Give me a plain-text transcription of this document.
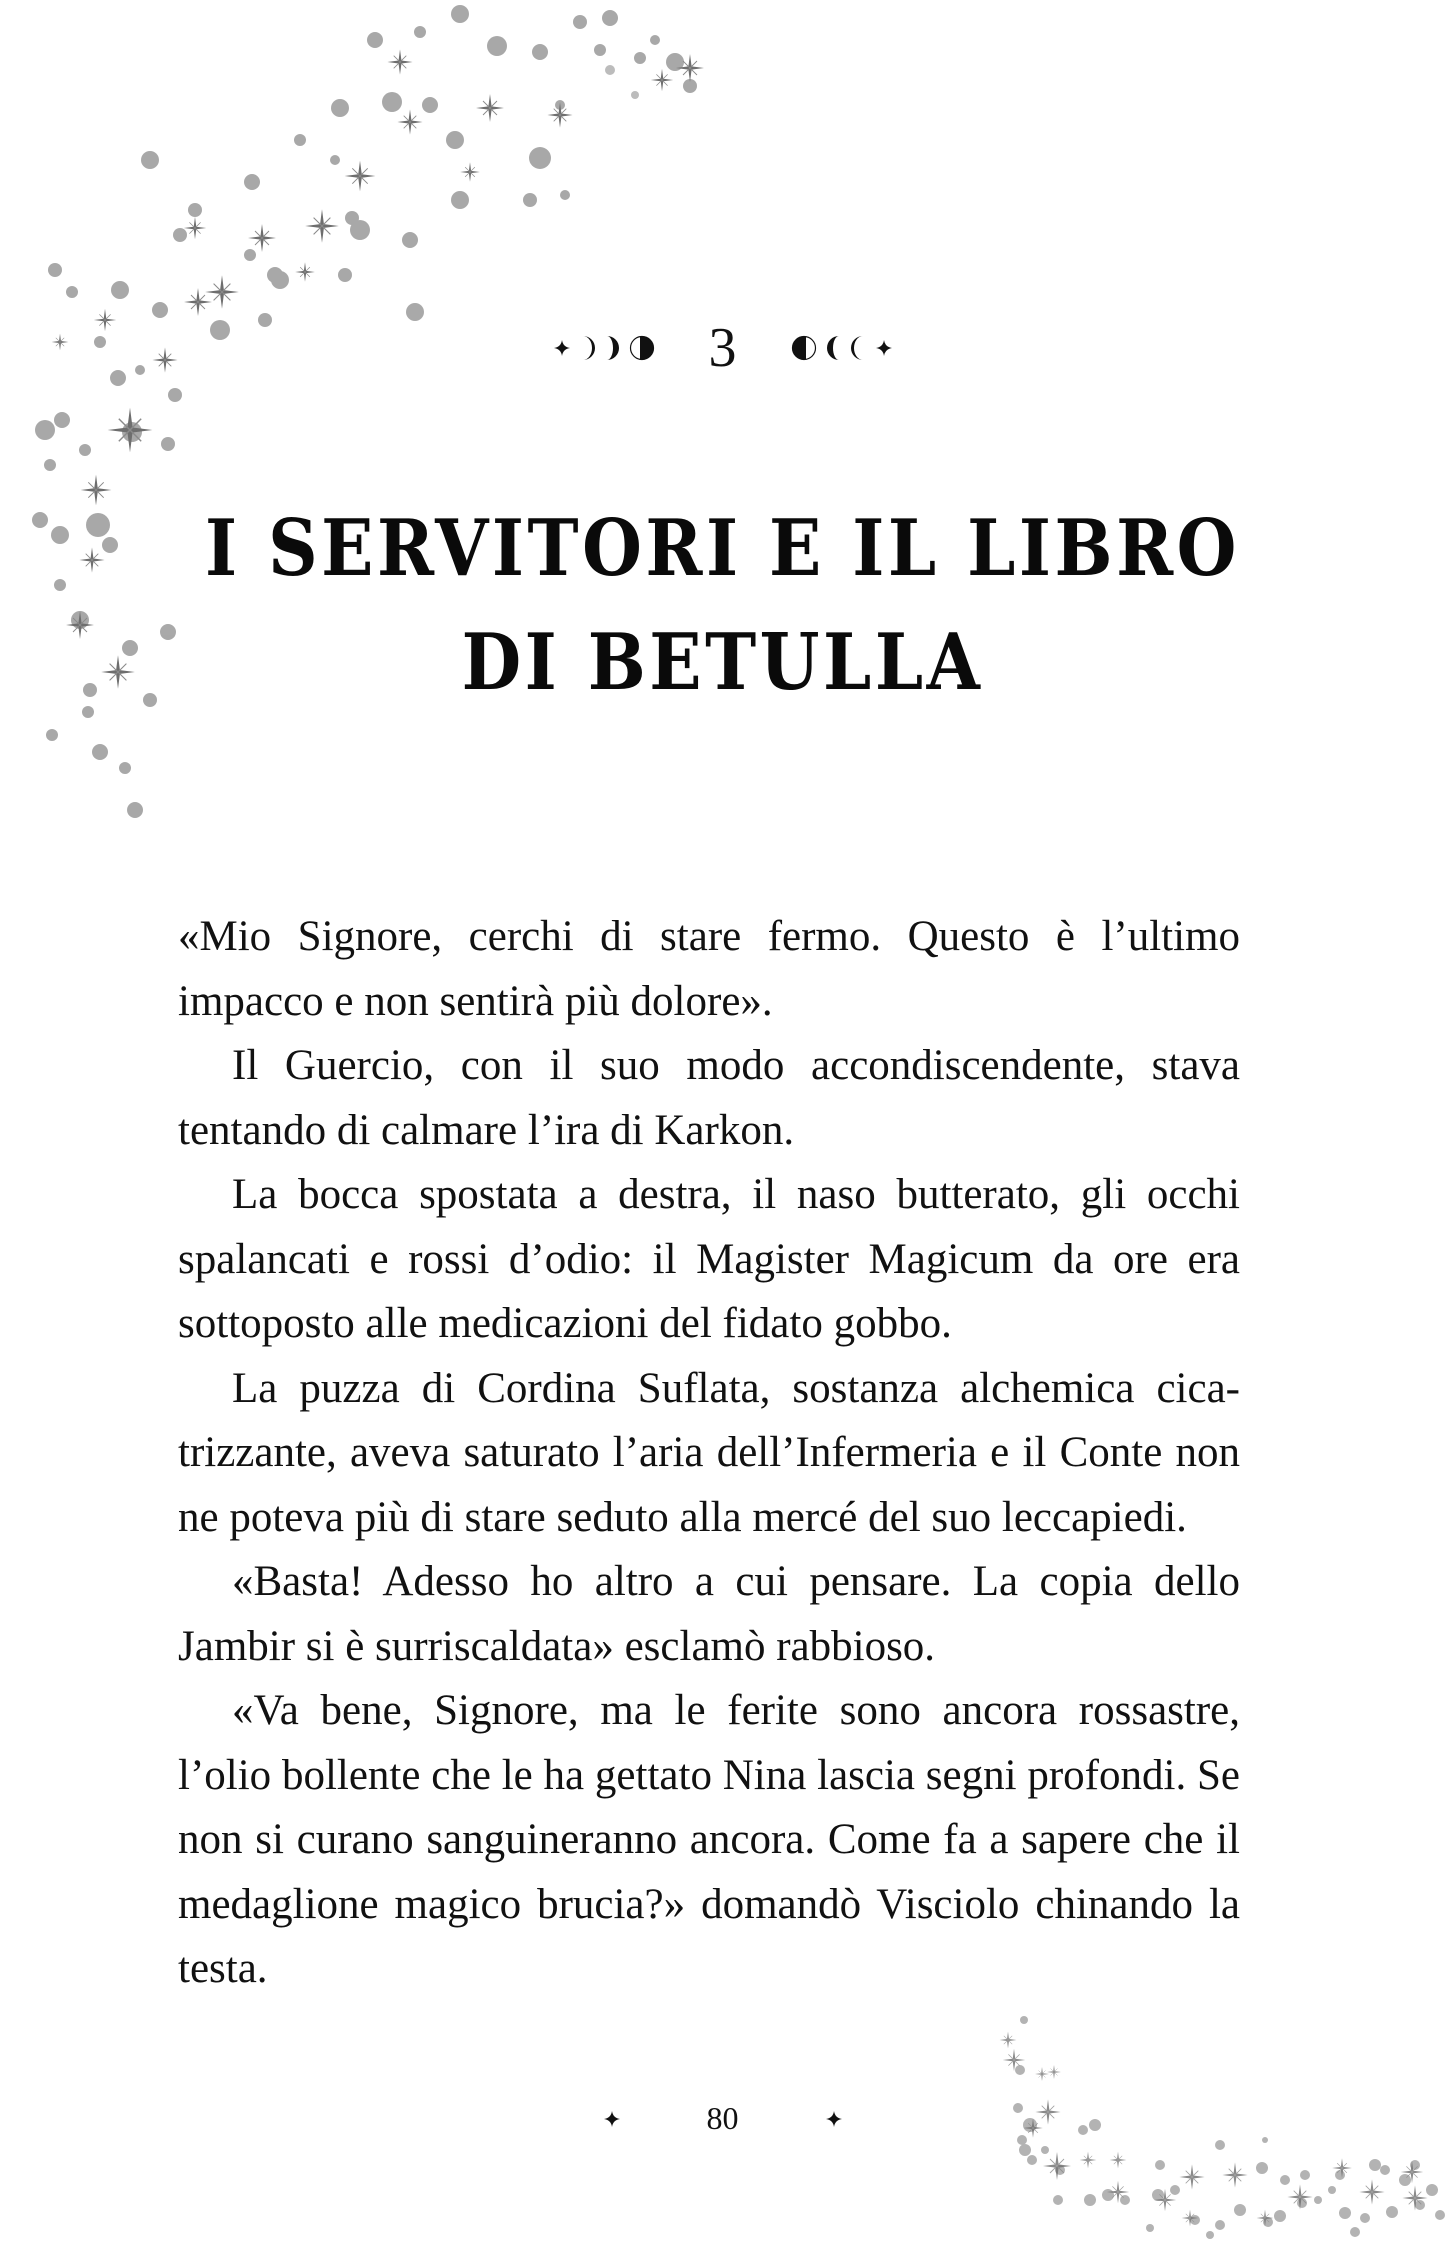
3
I SERVITORI E IL LIBRO
DI BETULLA

«Mio Signore, cerchi di stare fermo. Questo è l’ultimo impacco e non sentirà più dolore».

Il Guercio, con il suo modo accondiscendente, stava tentando di calmare l’ira di Karkon.

La bocca spostata a destra, il naso butterato, gli occhi spalancati e rossi d’odio: il Magister Magicum da ore era sottoposto alle medicazioni del fidato gobbo.

La puzza di Cordina Suflata, sostanza alchemica cicatrizzante, aveva saturato l’aria dell’Infermeria e il Conte non ne poteva più di stare seduto alla mercé del suo leccapiedi.

«Basta! Adesso ho altro a cui pensare. La copia dello Jambir si è surriscaldata» esclamò rabbioso.

«Va bene, Signore, ma le ferite sono ancora rossastre, l’olio bollente che le ha gettato Nina lascia segni profondi. Se non si curano sanguineranno ancora. Come fa a sapere che il medaglione magico brucia?» domandò Visciolo chinando la testa.

80
